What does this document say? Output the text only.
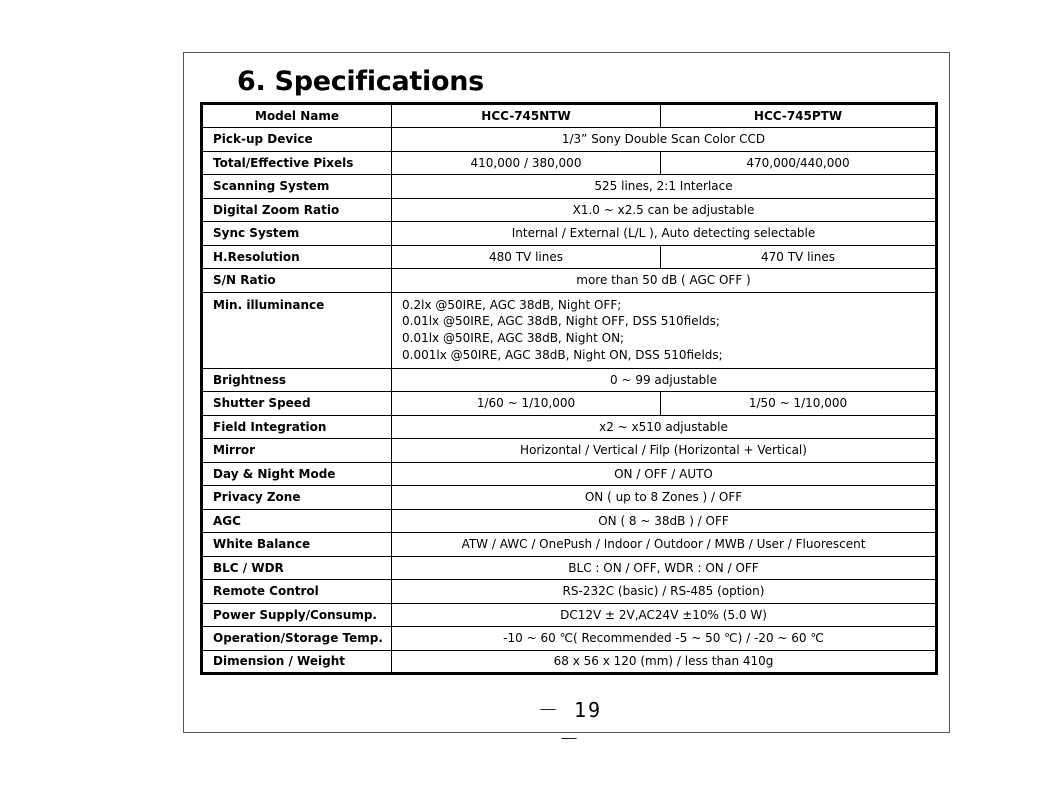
6. Specifications
Model Name	HCC-745NTW	HCC-745PTW
Pick-up Device	1/3” Sony Double Scan Color CCD	
Total/Effective Pixels	410,000 / 380,000	470,000/440,000
Scanning System	525 lines, 2:1 Interlace	
Digital Zoom Ratio	X1.0 ~ x2.5 can be adjustable	
Sync System	Internal / External (L/L ), Auto detecting selectable	
H.Resolution	480 TV lines	470 TV lines
S/N Ratio	more than 50 dB ( AGC OFF )	
Min. illuminance	0.2lx @50IRE, AGC 38dB, Night OFF;
0.01lx @50IRE, AGC 38dB, Night OFF, DSS 510fields;
0.01lx @50IRE, AGC 38dB, Night ON;
0.001lx @50IRE, AGC 38dB, Night ON, DSS 510fields;	

Brightness	0 ~ 99 adjustable	
Shutter Speed	1/60 ~ 1/10,000	1/50 ~ 1/10,000
Field Integration	x2 ~ x510 adjustable	
Mirror	Horizontal / Vertical / Filp (Horizontal + Vertical)	
Day & Night Mode	ON / OFF / AUTO	
Privacy Zone	ON ( up to 8 Zones ) / OFF	
AGC	ON ( 8 ~ 38dB ) / OFF	
White Balance	ATW / AWC / OnePush / Indoor / Outdoor / MWB / User / Fluorescent	
BLC / WDR	BLC : ON / OFF, WDR : ON / OFF	
Remote Control	RS-232C (basic) / RS-485 (option)	
Power Supply/Consump.	DC12V ± 2V,AC24V ±10% (5.0 W)	
Operation/Storage Temp.	-10 ~ 60 ℃( Recommended -5 ~ 50 ℃) / -20 ~ 60 ℃	
Dimension / Weight	68 x 56 x 120 (mm) / less than 410g	
－ 19 －
